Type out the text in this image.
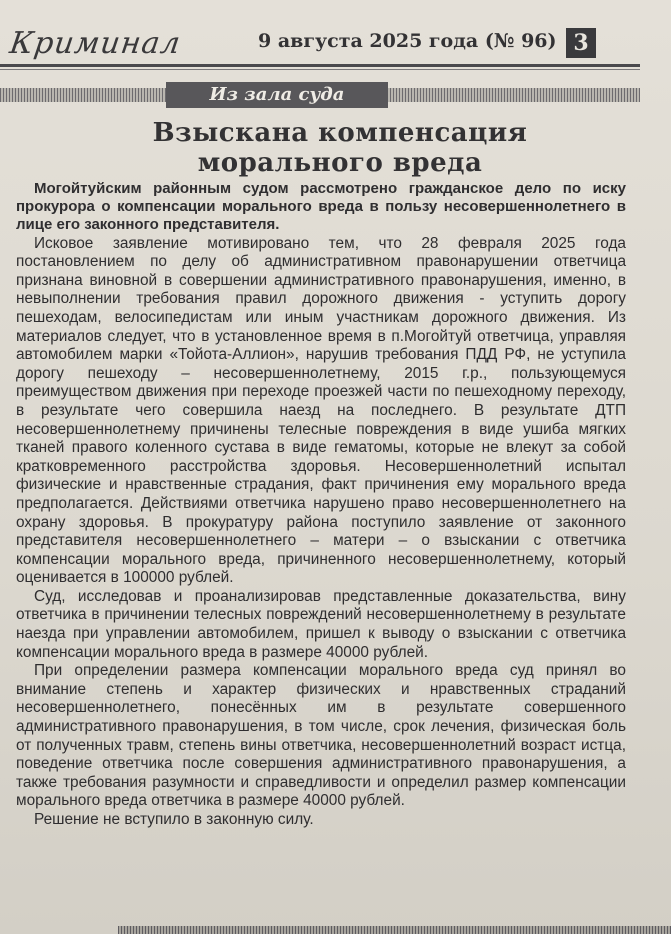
Криминал	9 августа 2025 года (№ 96) 3
Из зала суда
Взыскана компенсация
морального вреда

Могойтуйским районным судом рассмотрено гражданское дело по иску прокурора о компенсации морального вреда в пользу несовершеннолетнего в лице его законного представителя.

Исковое заявление мотивировано тем, что 28 февраля 2025 года постановлением по делу об административном правонарушении ответчица признана виновной в совершении административного правонарушения, именно, в невыполнении требования правил дорожного движения - уступить дорогу пешеходам, велосипедистам или иным участникам дорожного движения. Из материалов следует, что в установленное время в п.Могойтуй ответчица, управляя автомобилем марки «Тойота-Аллион», нарушив требования ПДД РФ, не уступила дорогу пешеходу – несовершеннолетнему, 2015 г.р., пользующемуся преимуществом движения при переходе проезжей части по пешеходному переходу, в результате чего совершила наезд на последнего. В результате ДТП несовершеннолетнему причинены телесные повреждения в виде ушиба мягких тканей правого коленного сустава в виде гематомы, которые не влекут за собой кратковременного расстройства здоровья. Несовершеннолетний испытал физические и нравственные страдания, факт причинения ему морального вреда предполагается. Действиями ответчика нарушено право несовершеннолетнего на охрану здоровья. В прокуратуру района поступило заявление от законного представителя несовершеннолетнего – матери – о взыскании с ответчика компенсации морального вреда, причиненного несовершеннолетнему, который оценивается в 100000 рублей.

Суд, исследовав и проанализировав представленные доказательства, вину ответчика в причинении телесных повреждений несовершеннолетнему в результате наезда при управлении автомобилем, пришел к выводу о взыскании с ответчика компенсации морального вреда в размере 40000 рублей.

При определении размера компенсации морального вреда суд принял во внимание степень и характер физических и нравственных страданий несовершеннолетнего, понесённых им в результате совершенного административного правонарушения, в том числе, срок лечения, физическая боль от полученных травм, степень вины ответчика, несовершеннолетний возраст истца, поведение ответчика после совершения административного правонарушения, а также требования разумности и справедливости и определил размер компенсации морального вреда ответчика в размере 40000 рублей.

Решение не вступило в законную силу.
